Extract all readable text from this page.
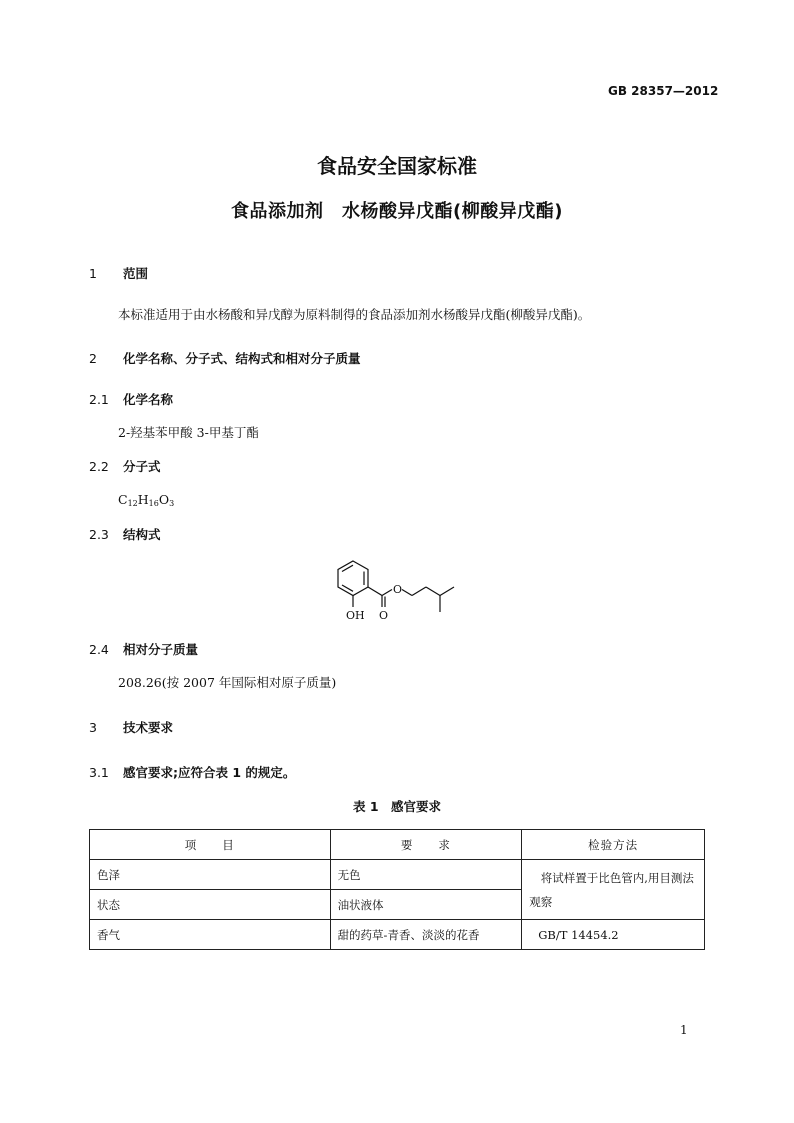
GB 28357—2012
食品安全国家标准
食品添加剂　水杨酸异戊酯(柳酸异戊酯)
1 范围
本标准适用于由水杨酸和异戊醇为原料制得的食品添加剂水杨酸异戊酯(柳酸异戊酯)。
2 化学名称、分子式、结构式和相对分子质量
2.1 化学名称
2-羟基苯甲酸 3-甲基丁酯
2.2 分子式
$C_{12}H_{16}O_3$
2.3 结构式
OH O
O
2.4 相对分子质量
208.26(按 2007 年国际相对原子质量)
3 技术要求
3.1 感官要求;应符合表 1 的规定。
表 1　感官要求
项　　目	要　　求	检验方法
色泽	无色	　将试样置于比色管内,用目测法观察
状态	油状液体	
香气	甜的药草-青香、淡淡的花香	GB/T 14454.2
1
